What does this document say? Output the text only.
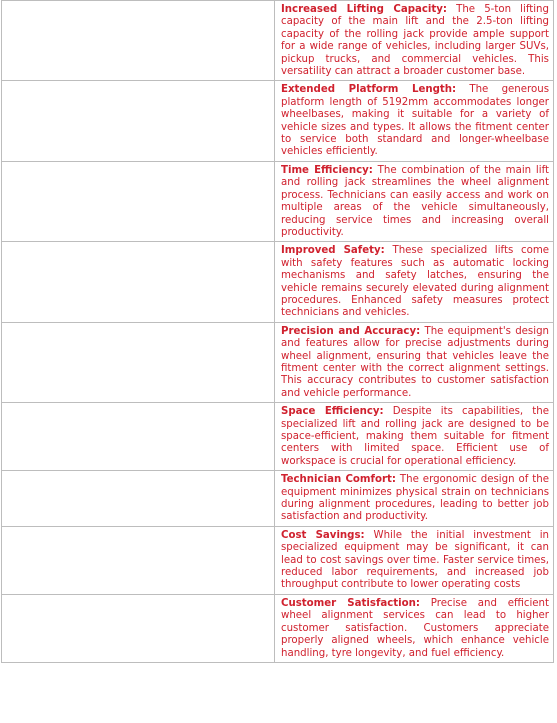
	Increased Lifting Capacity: The 5-ton lifting capacity of the main lift and the 2.5-ton lifting capacity of the rolling jack provide ample support for a wide range of vehicles, including larger SUVs, pickup trucks, and commercial vehicles. This versatility can attract a broader customer base.
	Extended Platform Length: The generous platform length of 5192mm accommodates longer wheelbases, making it suitable for a variety of vehicle sizes and types. It allows the fitment center to service both standard and longer-wheelbase vehicles efficiently.
	Time Efficiency: The combination of the main lift and rolling jack streamlines the wheel alignment process. Technicians can easily access and work on multiple areas of the vehicle simultaneously, reducing service times and increasing overall productivity.
	Improved Safety: These specialized lifts come with safety features such as automatic locking mechanisms and safety latches, ensuring the vehicle remains securely elevated during alignment procedures. Enhanced safety measures protect technicians and vehicles.
	Precision and Accuracy: The equipment's design and features allow for precise adjustments during wheel alignment, ensuring that vehicles leave the fitment center with the correct alignment settings. This accuracy contributes to customer satisfaction and vehicle performance.
	Space Efficiency: Despite its capabilities, the specialized lift and rolling jack are designed to be space-efficient, making them suitable for fitment centers with limited space. Efficient use of workspace is crucial for operational efficiency.
	Technician Comfort: The ergonomic design of the equipment minimizes physical strain on technicians during alignment procedures, leading to better job satisfaction and productivity.
	Cost Savings: While the initial investment in specialized equipment may be significant, it can lead to cost savings over time. Faster service times, reduced labor requirements, and increased job throughput contribute to lower operating costs
	Customer Satisfaction: Precise and efficient wheel alignment services can lead to higher customer satisfaction. Customers appreciate properly aligned wheels, which enhance vehicle handling, tyre longevity, and fuel efficiency.
